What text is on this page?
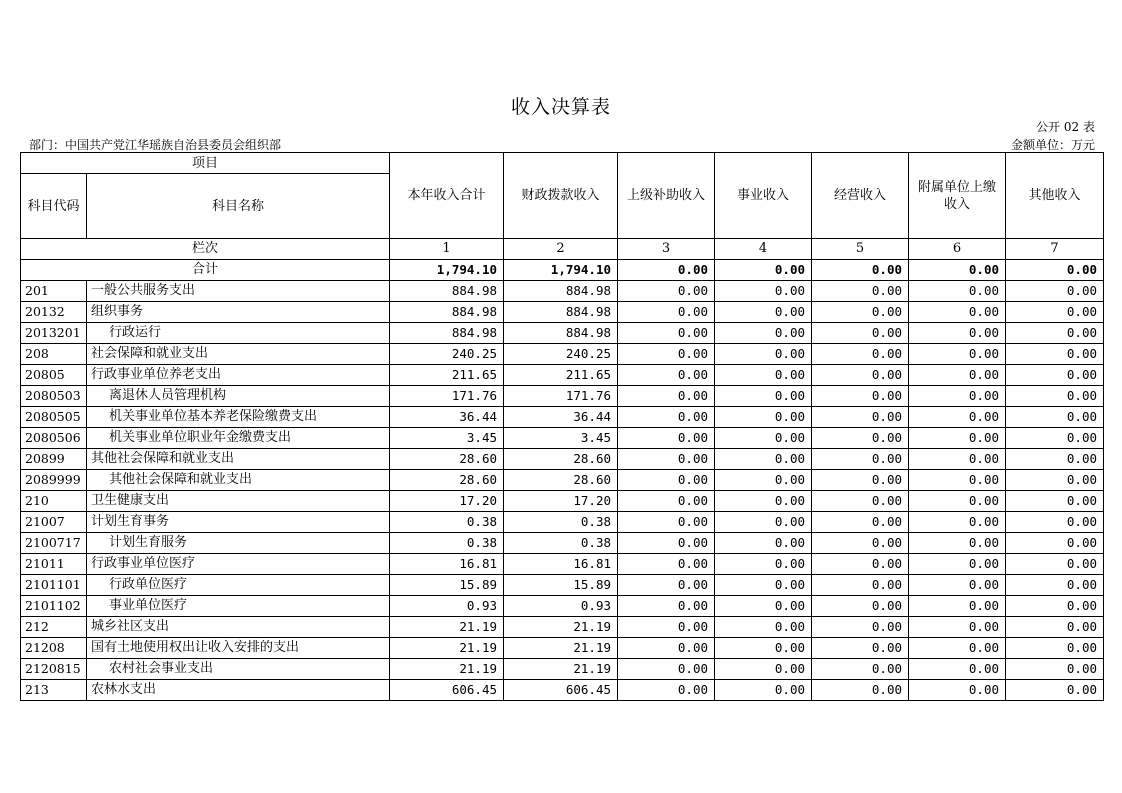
收入决算表
公开 02 表
部门：中国共产党江华瑶族自治县委员会组织部	金额单位：万元
项目		本年收入合计	财政拨款收入	上级补助收入	事业收入	经营收入	附属单位上缴收入	其他收入
科目代码	科目名称							
栏次		1	2	3	4	5	6	7
合计		1,794.10	1,794.10	0.00	0.00	0.00	0.00	0.00
201	一般公共服务支出	884.98	884.98	0.00	0.00	0.00	0.00	0.00
20132	组织事务	884.98	884.98	0.00	0.00	0.00	0.00	0.00
2013201	行政运行	884.98	884.98	0.00	0.00	0.00	0.00	0.00
208	社会保障和就业支出	240.25	240.25	0.00	0.00	0.00	0.00	0.00
20805	行政事业单位养老支出	211.65	211.65	0.00	0.00	0.00	0.00	0.00
2080503	离退休人员管理机构	171.76	171.76	0.00	0.00	0.00	0.00	0.00
2080505	机关事业单位基本养老保险缴费支出	36.44	36.44	0.00	0.00	0.00	0.00	0.00
2080506	机关事业单位职业年金缴费支出	3.45	3.45	0.00	0.00	0.00	0.00	0.00
20899	其他社会保障和就业支出	28.60	28.60	0.00	0.00	0.00	0.00	0.00
2089999	其他社会保障和就业支出	28.60	28.60	0.00	0.00	0.00	0.00	0.00
210	卫生健康支出	17.20	17.20	0.00	0.00	0.00	0.00	0.00
21007	计划生育事务	0.38	0.38	0.00	0.00	0.00	0.00	0.00
2100717	计划生育服务	0.38	0.38	0.00	0.00	0.00	0.00	0.00
21011	行政事业单位医疗	16.81	16.81	0.00	0.00	0.00	0.00	0.00
2101101	行政单位医疗	15.89	15.89	0.00	0.00	0.00	0.00	0.00
2101102	事业单位医疗	0.93	0.93	0.00	0.00	0.00	0.00	0.00
212	城乡社区支出	21.19	21.19	0.00	0.00	0.00	0.00	0.00
21208	国有土地使用权出让收入安排的支出	21.19	21.19	0.00	0.00	0.00	0.00	0.00
2120815	农村社会事业支出	21.19	21.19	0.00	0.00	0.00	0.00	0.00
213	农林水支出	606.45	606.45	0.00	0.00	0.00	0.00	0.00
